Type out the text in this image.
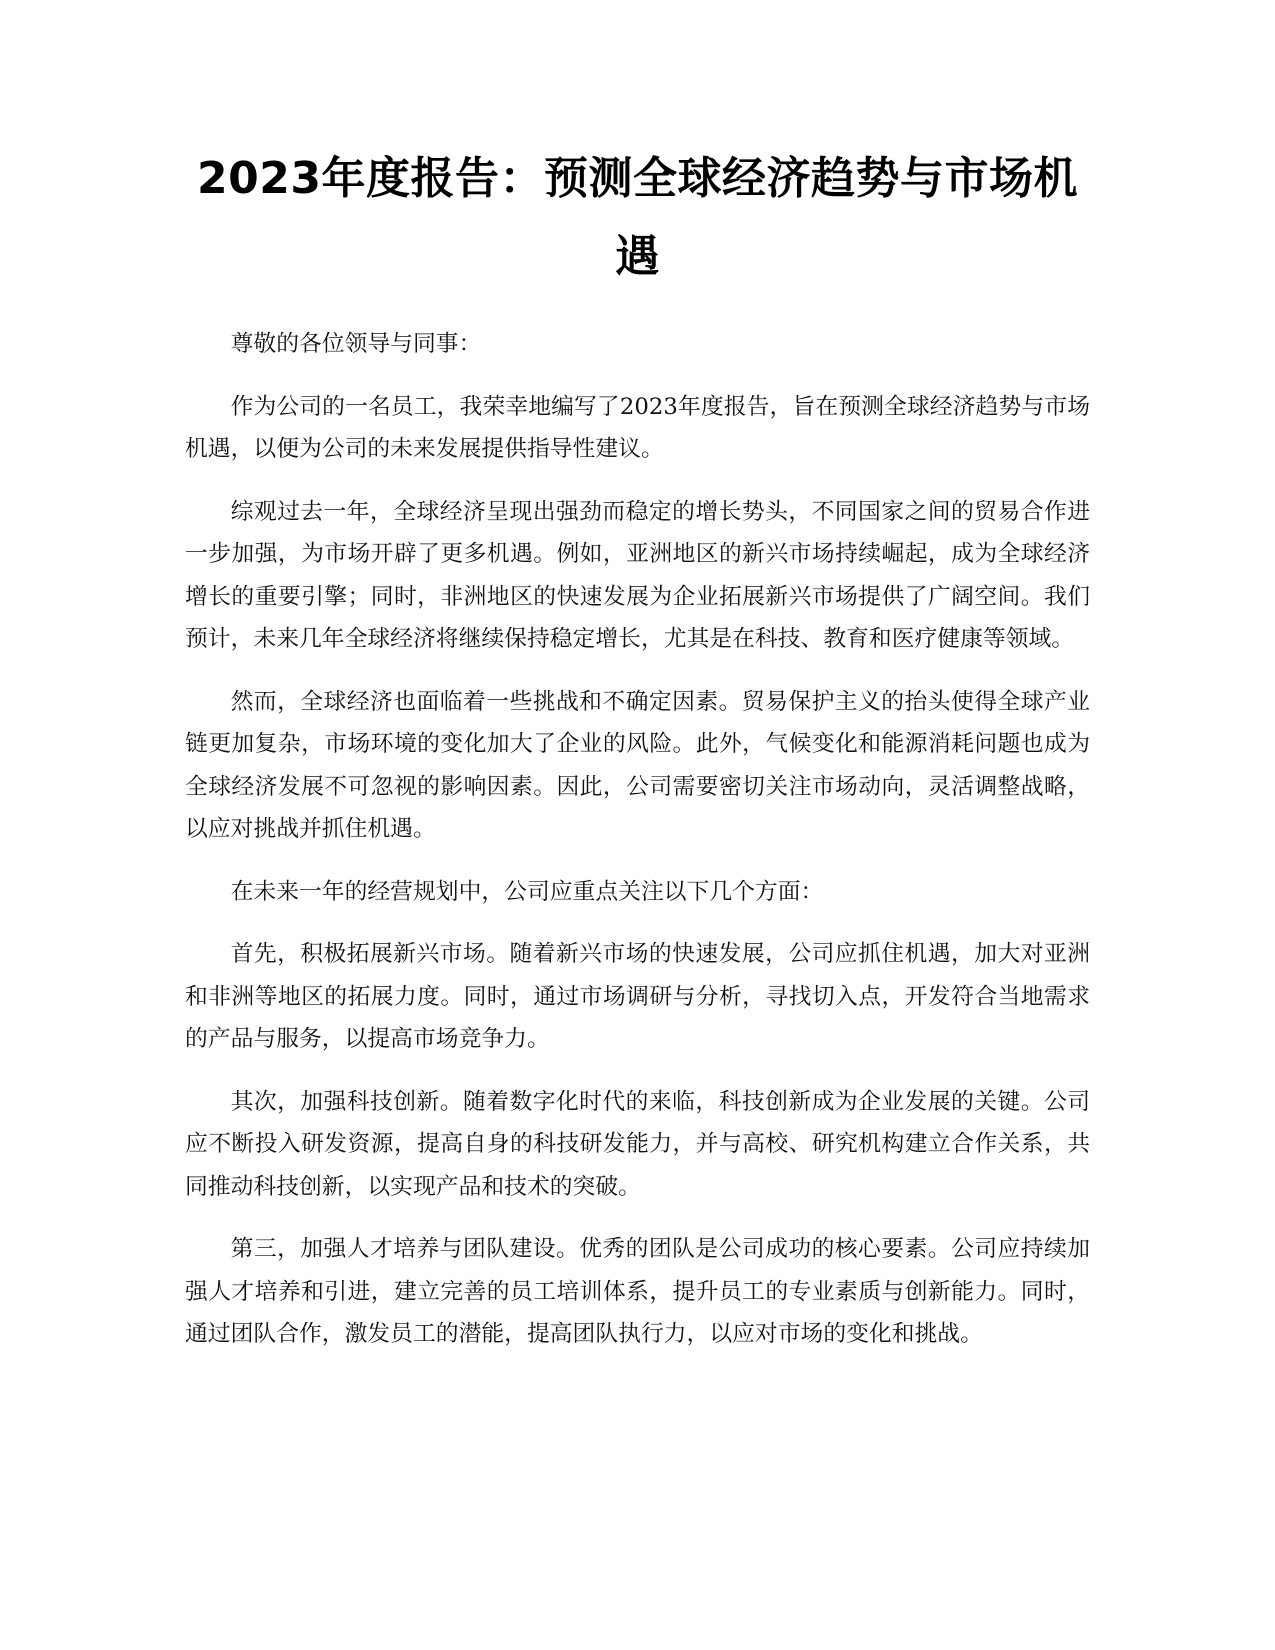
2023年度报告：预测全球经济趋势与市场机遇

尊敬的各位领导与同事：

作为公司的一名员工，我荣幸地编写了2023年度报告，旨在预测全球经济趋势与市场机遇，以便为公司的未来发展提供指导性建议。

综观过去一年，全球经济呈现出强劲而稳定的增长势头，不同国家之间的贸易合作进一步加强，为市场开辟了更多机遇。例如，亚洲地区的新兴市场持续崛起，成为全球经济增长的重要引擎；同时，非洲地区的快速发展为企业拓展新兴市场提供了广阔空间。我们预计，未来几年全球经济将继续保持稳定增长，尤其是在科技、教育和医疗健康等领域。

然而，全球经济也面临着一些挑战和不确定因素。贸易保护主义的抬头使得全球产业链更加复杂，市场环境的变化加大了企业的风险。此外，气候变化和能源消耗问题也成为全球经济发展不可忽视的影响因素。因此，公司需要密切关注市场动向，灵活调整战略，以应对挑战并抓住机遇。

在未来一年的经营规划中，公司应重点关注以下几个方面：

首先，积极拓展新兴市场。随着新兴市场的快速发展，公司应抓住机遇，加大对亚洲和非洲等地区的拓展力度。同时，通过市场调研与分析，寻找切入点，开发符合当地需求的产品与服务，以提高市场竞争力。

其次，加强科技创新。随着数字化时代的来临，科技创新成为企业发展的关键。公司应不断投入研发资源，提高自身的科技研发能力，并与高校、研究机构建立合作关系，共同推动科技创新，以实现产品和技术的突破。

第三，加强人才培养与团队建设。优秀的团队是公司成功的核心要素。公司应持续加强人才培养和引进，建立完善的员工培训体系，提升员工的专业素质与创新能力。同时，通过团队合作，激发员工的潜能，提高团队执行力，以应对市场的变化和挑战。
